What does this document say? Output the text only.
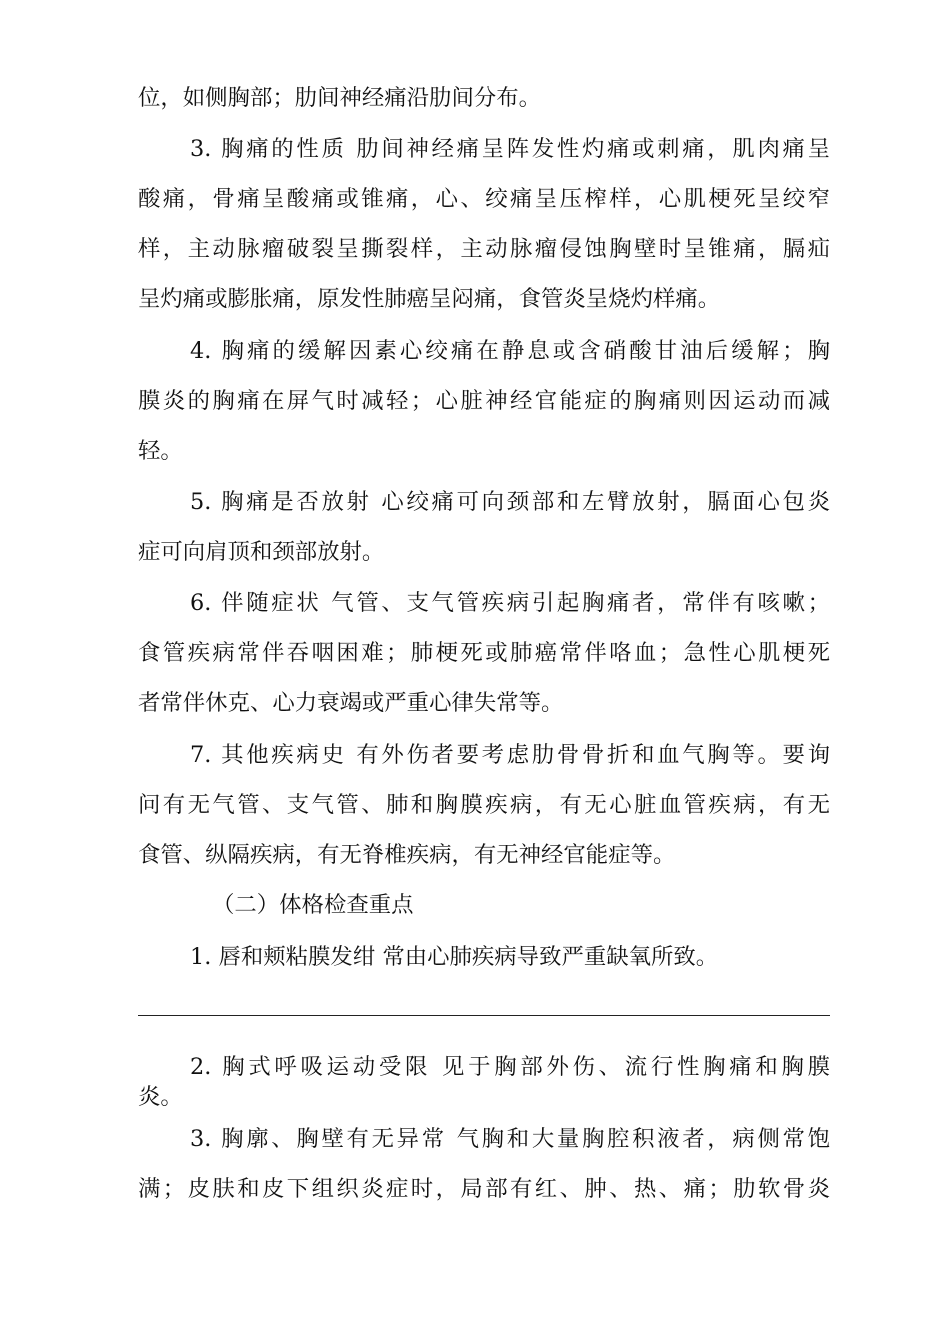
位，如侧胸部；肋间神经痛沿肋间分布。
3. 胸痛的性质 肋间神经痛呈阵发性灼痛或刺痛，肌肉痛呈
酸痛，骨痛呈酸痛或锥痛，心、绞痛呈压榨样，心肌梗死呈绞窄
样，主动脉瘤破裂呈撕裂样，主动脉瘤侵蚀胸壁时呈锥痛，膈疝
呈灼痛或膨胀痛，原发性肺癌呈闷痛，食管炎呈烧灼样痛。
4. 胸痛的缓解因素心绞痛在静息或含硝酸甘油后缓解；胸
膜炎的胸痛在屏气时减轻；心脏神经官能症的胸痛则因运动而减
轻。
5. 胸痛是否放射 心绞痛可向颈部和左臂放射，膈面心包炎
症可向肩顶和颈部放射。
6. 伴随症状 气管、支气管疾病引起胸痛者，常伴有咳嗽；
食管疾病常伴吞咽困难；肺梗死或肺癌常伴咯血；急性心肌梗死
者常伴休克、心力衰竭或严重心律失常等。
7. 其他疾病史 有外伤者要考虑肋骨骨折和血气胸等。要询
问有无气管、支气管、肺和胸膜疾病，有无心脏血管疾病，有无
食管、纵隔疾病，有无脊椎疾病，有无神经官能症等。
（二）体格检查重点
1. 唇和颊粘膜发绀 常由心肺疾病导致严重缺氧所致。
2. 胸式呼吸运动受限 见于胸部外伤、流行性胸痛和胸膜
炎。
3. 胸廓、胸壁有无异常 气胸和大量胸腔积液者，病侧常饱
满；皮肤和皮下组织炎症时，局部有红、肿、热、痛；肋软骨炎
